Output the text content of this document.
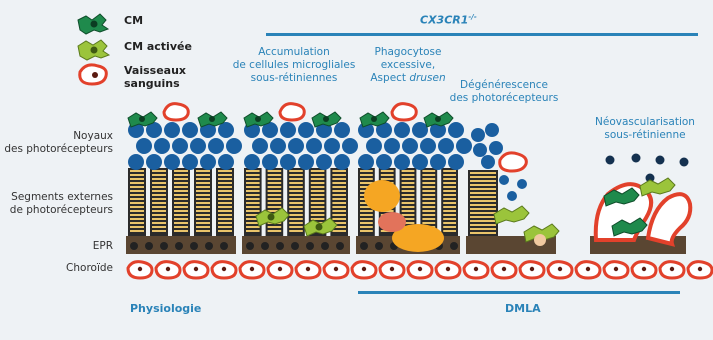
CM
CM activée
Vaisseaux sanguins
CX3CR1-/-
Accumulation
de cellules microgliales
sous-rétiniennes
Phagocytose
excessive,
Aspect drusen
Dégénérescence
des photorécepteurs
Néovascularisation
sous-rétinienne
Noyaux
des photorécepteurs
Segments externes
de photorécepteurs
EPR
Choroïde
Physiologie	DMLA
